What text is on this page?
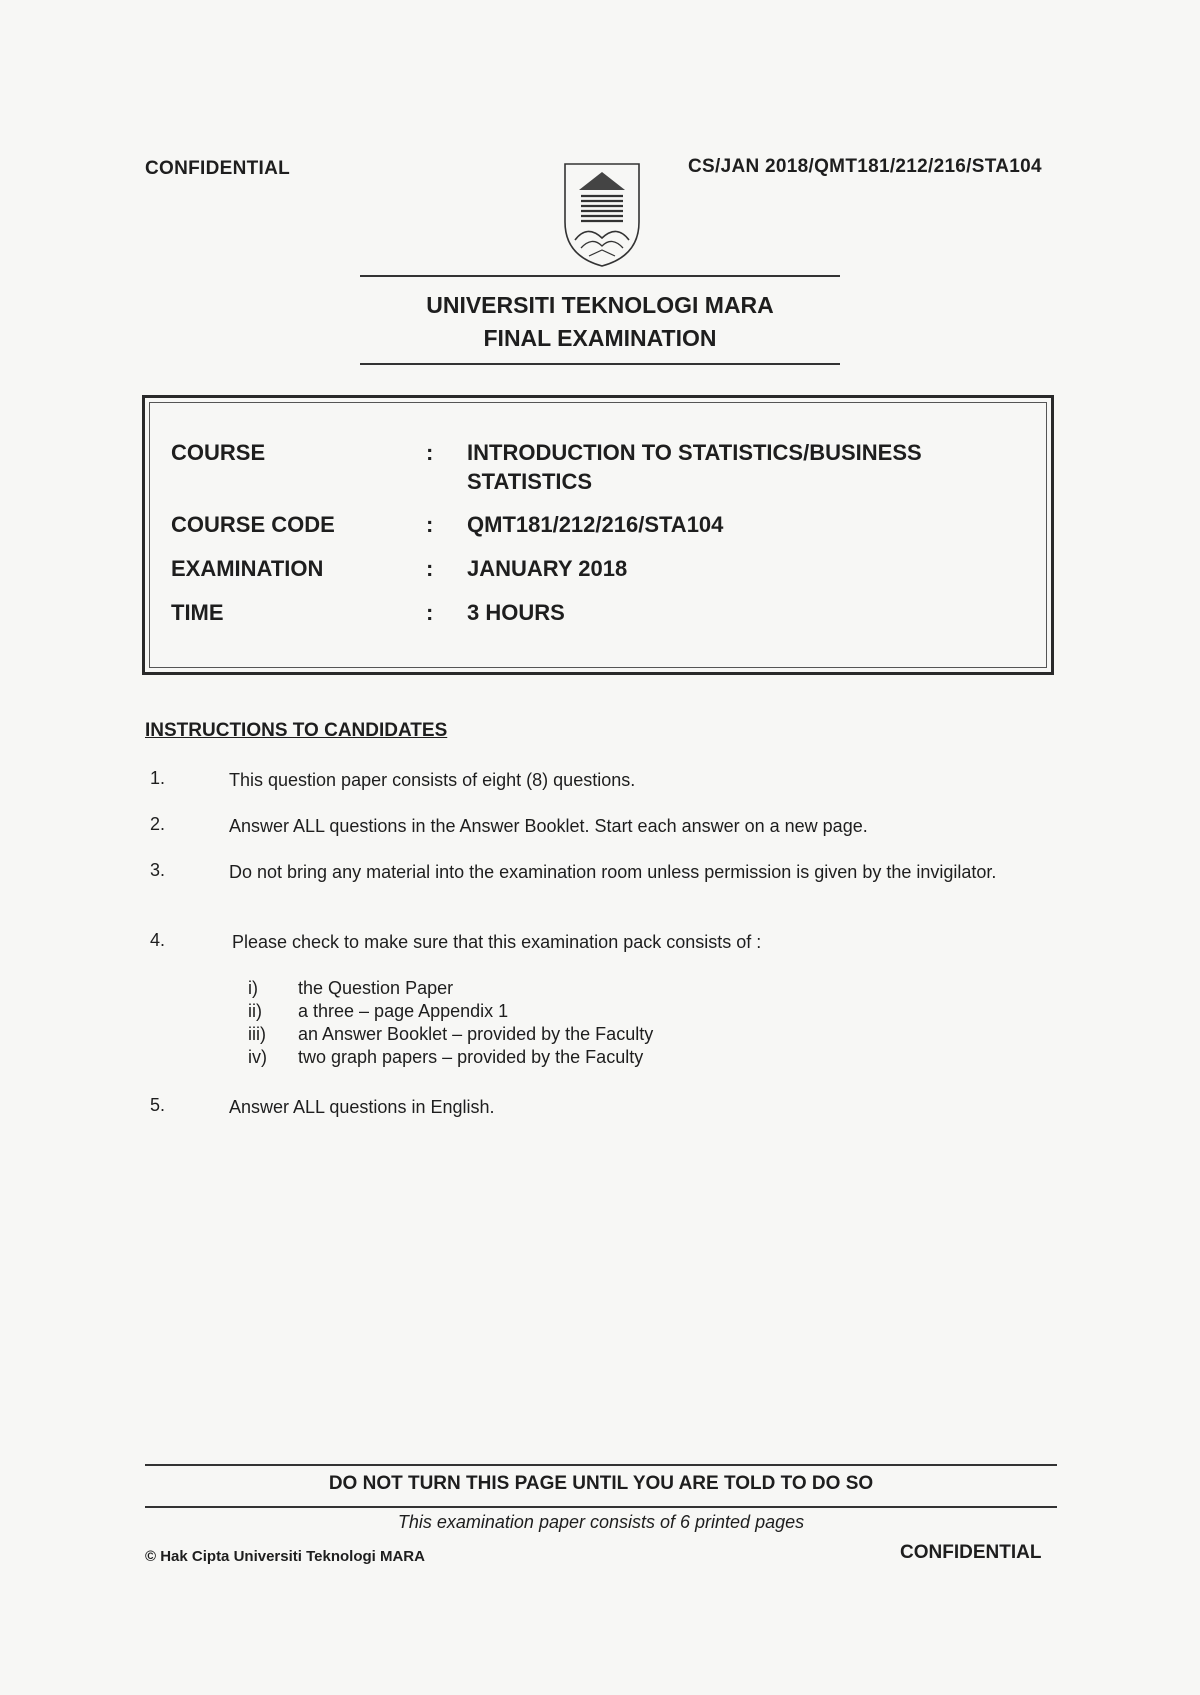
CONFIDENTIAL	CS/JAN 2018/QMT181/212/216/STA104
UNIVERSITI TEKNOLOGI MARA
FINAL EXAMINATION
COURSE	: INTRODUCTION TO STATISTICS/BUSINESS STATISTICS
COURSE CODE	: QMT181/212/216/STA104
EXAMINATION	: JANUARY 2018
TIME	: 3 HOURS
INSTRUCTIONS TO CANDIDATES
1.	This question paper consists of eight (8) questions.
2.	Answer ALL questions in the Answer Booklet. Start each answer on a new page.
3.	Do not bring any material into the examination room unless permission is given by the invigilator.
4.	Please check to make sure that this examination pack consists of :
i) the Question Paper
ii) a three – page Appendix 1
iii) an Answer Booklet – provided by the Faculty
iv) two graph papers – provided by the Faculty
5.	Answer ALL questions in English.
DO NOT TURN THIS PAGE UNTIL YOU ARE TOLD TO DO SO
This examination paper consists of 6 printed pages
© Hak Cipta Universiti Teknologi MARA	CONFIDENTIAL
